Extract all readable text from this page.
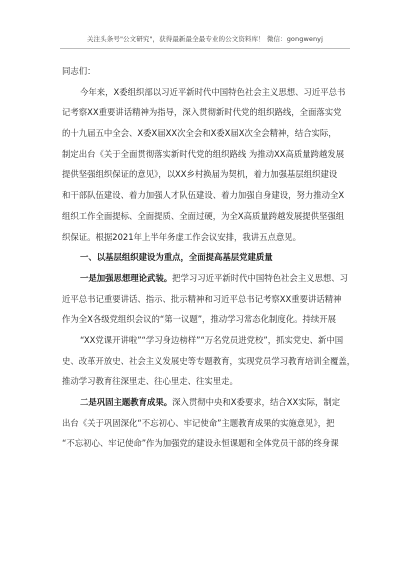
关注头条号"公文研究"，获得最新最全最专业的公文资料库！ 微信：gongwenyj
同志们：
今年来，X委组织部以习近平新时代中国特色社会主义思想、习近平总书
记考察XX重要讲话精神为指导，深入贯彻新时代党的组织路线，全面落实党
的十九届五中全会、X委X届XX次全会和X委X届X次全会精神，结合实际，
制定出台《关于全面贯彻落实新时代党的组织路线 为推动XX高质量跨越发展
提供坚强组织保证的意见》，以XX乡村换届为契机，着力加强基层组织建设
和干部队伍建设、着力加强人才队伍建设、着力加强自身建设，努力推动全X
组织工作全面提标、全面提质、全面过硬，为全X高质量跨越发展提供坚强组
织保证。根据2021年上半年务虚工作会议安排，我讲五点意见。
一、以基层组织建设为重点，全面提高基层党建质量
一是加强思想理论武装。把学习习近平新时代中国特色社会主义思想、习
近平总书记重要讲话、指示、批示精神和习近平总书记考察XX重要讲话精神
作为全X各级党组织会议的“第一议题”，推动学习常态化制度化。持续开展
“XX党课开讲啦”“学习身边榜样”“万名党员进党校”，抓实党史、新中国
史、改革开放史、社会主义发展史等专题教育，实现党员学习教育培训全覆盖，
推动学习教育往深里走、往心里走、往实里走。
二是巩固主题教育成果。深入贯彻中央和X委要求，结合XX实际，制定
出台《关于巩固深化“不忘初心、牢记使命”主题教育成果的实施意见》，把
“不忘初心、牢记使命”作为加强党的建设永恒课题和全体党员干部的终身课
